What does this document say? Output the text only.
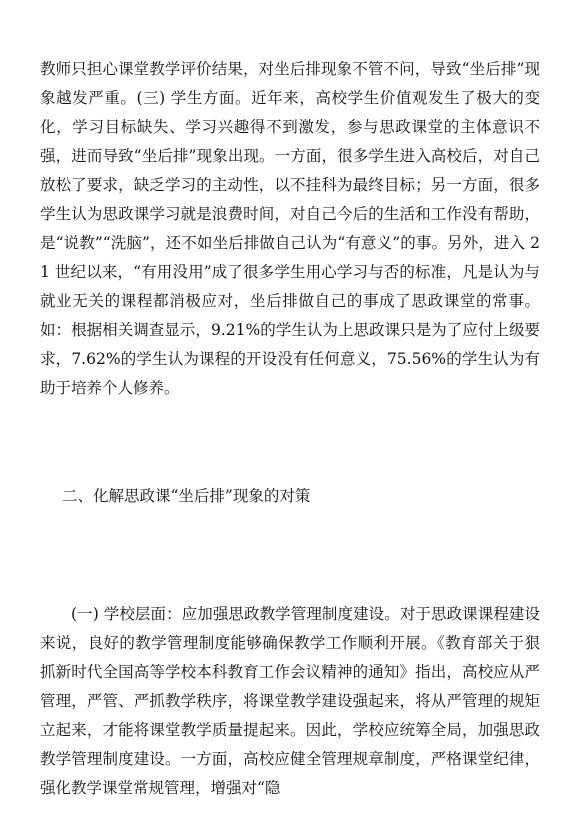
教师只担心课堂教学评价结果，对坐后排现象不管不问，导致“坐后排”现象越发严重。(三) 学生方面。近年来，高校学生价值观发生了极大的变化，学习目标缺失、学习兴趣得不到激发，参与思政课堂的主体意识不强，进而导致“坐后排”现象出现。一方面，很多学生进入高校后，对自己放松了要求，缺乏学习的主动性，以不挂科为最终目标；另一方面，很多学生认为思政课学习就是浪费时间，对自己今后的生活和工作没有帮助，是“说教”“洗脑”，还不如坐后排做自己认为“有意义”的事。另外，进入 21 世纪以来，“有用没用”成了很多学生用心学习与否的标准，凡是认为与就业无关的课程都消极应对，坐后排做自己的事成了思政课堂的常事。如：根据相关调查显示，9.21%的学生认为上思政课只是为了应付上级要求，7.62%的学生认为课程的开设没有任何意义，75.56%的学生认为有助于培养个人修养。

二、化解思政课“坐后排”现象的对策

(一) 学校层面：应加强思政教学管理制度建设。对于思政课课程建设来说，良好的教学管理制度能够确保教学工作顺利开展。《教育部关于狠抓新时代全国高等学校本科教育工作会议精神的通知》指出，高校应从严管理，严管、严抓教学秩序，将课堂教学建设强起来，将从严管理的规矩立起来，才能将课堂教学质量提起来。因此，学校应统筹全局，加强思政教学管理制度建设。一方面，高校应健全管理规章制度，严格课堂纪律，强化教学课堂常规管理，增强对“隐
